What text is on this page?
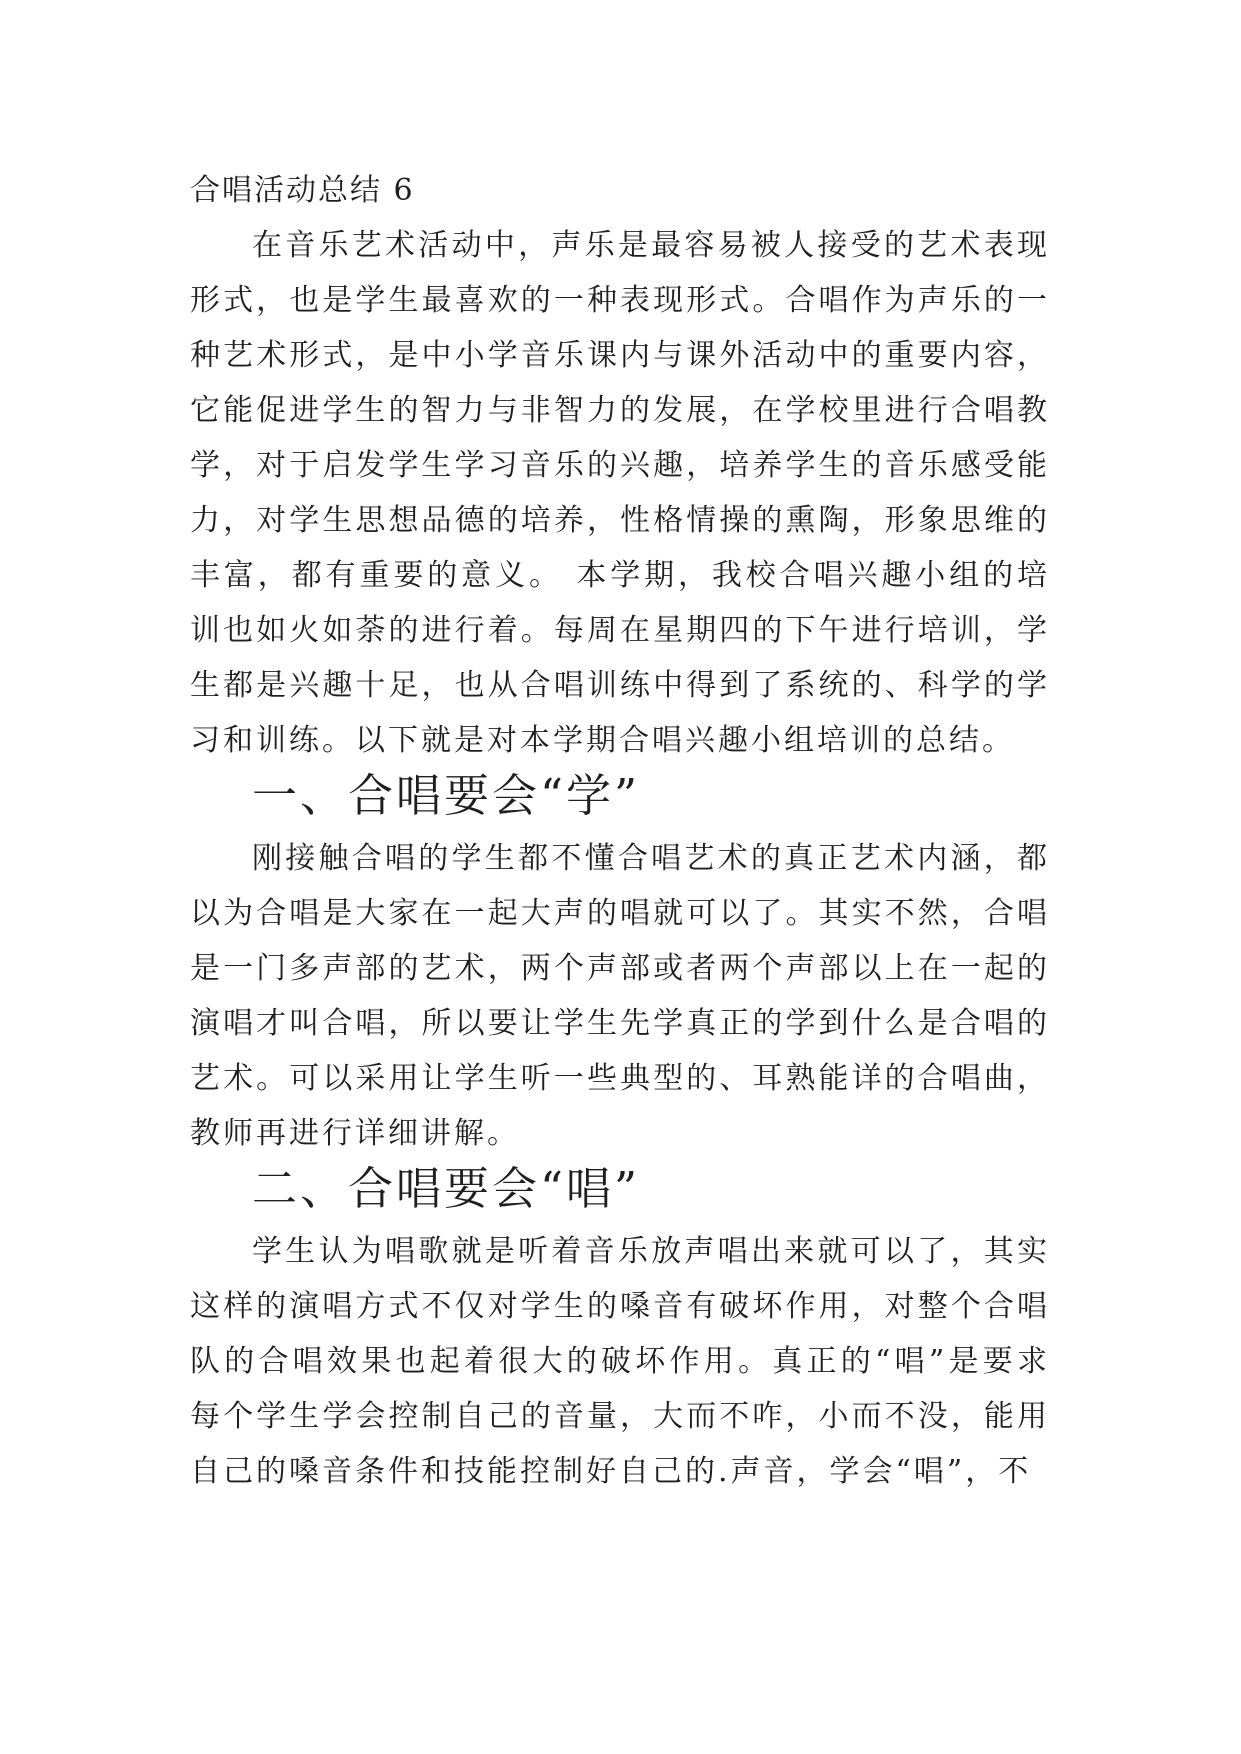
合唱活动总结 6

在音乐艺术活动中，声乐是最容易被人接受的艺术表现形式，也是学生最喜欢的一种表现形式。合唱作为声乐的一种艺术形式，是中小学音乐课内与课外活动中的重要内容，它能促进学生的智力与非智力的发展，在学校里进行合唱教学，对于启发学生学习音乐的兴趣，培养学生的音乐感受能力，对学生思想品德的培养，性格情操的熏陶，形象思维的丰富，都有重要的意义。 本学期，我校合唱兴趣小组的培训也如火如荼的进行着。每周在星期四的下午进行培训，学生都是兴趣十足，也从合唱训练中得到了系统的、科学的学习和训练。以下就是对本学期合唱兴趣小组培训的总结。

一、合唱要会“学”

刚接触合唱的学生都不懂合唱艺术的真正艺术内涵，都以为合唱是大家在一起大声的唱就可以了。其实不然，合唱是一门多声部的艺术，两个声部或者两个声部以上在一起的演唱才叫合唱，所以要让学生先学真正的学到什么是合唱的艺术。可以采用让学生听一些典型的、耳熟能详的合唱曲，教师再进行详细讲解。

二、合唱要会“唱”

学生认为唱歌就是听着音乐放声唱出来就可以了，其实这样的演唱方式不仅对学生的嗓音有破坏作用，对整个合唱队的合唱效果也起着很大的破坏作用。真正的“唱”是要求每个学生学会控制自己的音量，大而不咋，小而不没，能用自己的嗓音条件和技能控制好自己的.声音，学会“唱”，不
